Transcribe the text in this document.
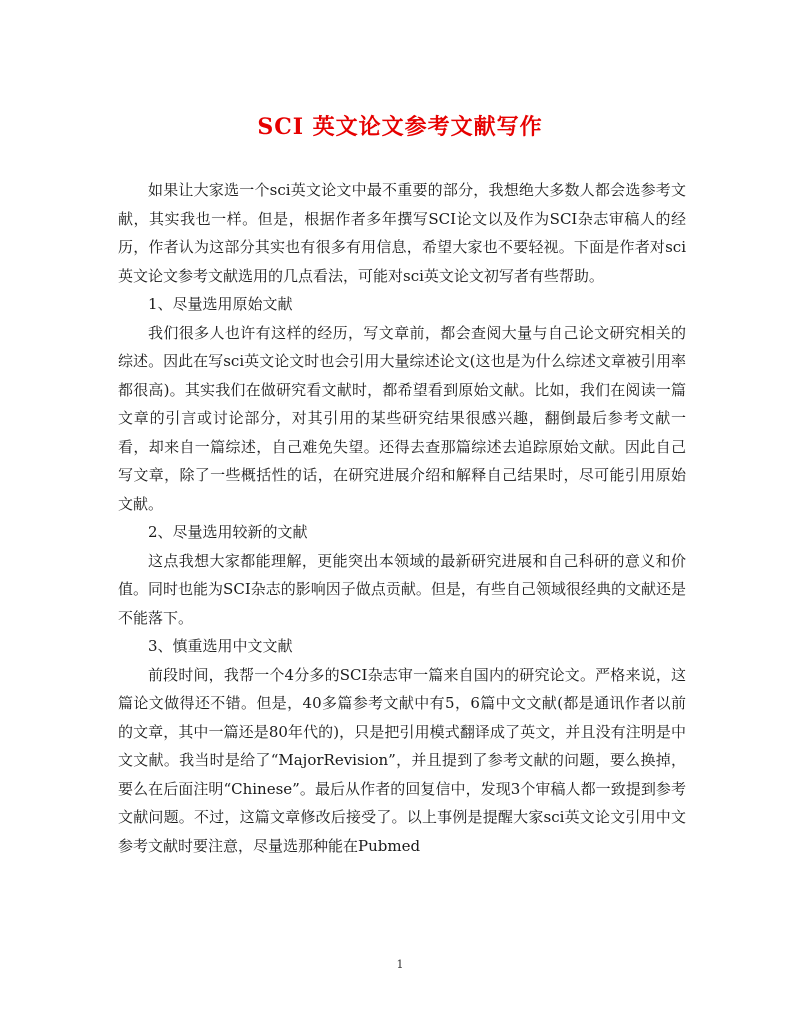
SCI 英文论文参考文献写作

如果让大家选一个sci英文论文中最不重要的部分，我想绝大多数人都会选参考文献，其实我也一样。但是，根据作者多年撰写SCI论文以及作为SCI杂志审稿人的经历，作者认为这部分其实也有很多有用信息，希望大家也不要轻视。下面是作者对sci英文论文参考文献选用的几点看法，可能对sci英文论文初写者有些帮助。

1、尽量选用原始文献

我们很多人也许有这样的经历，写文章前，都会查阅大量与自己论文研究相关的综述。因此在写sci英文论文时也会引用大量综述论文(这也是为什么综述文章被引用率都很高)。其实我们在做研究看文献时，都希望看到原始文献。比如，我们在阅读一篇文章的引言或讨论部分，对其引用的某些研究结果很感兴趣，翻倒最后参考文献一看，却来自一篇综述，自己难免失望。还得去查那篇综述去追踪原始文献。因此自己写文章，除了一些概括性的话，在研究进展介绍和解释自己结果时，尽可能引用原始文献。

2、尽量选用较新的文献

这点我想大家都能理解，更能突出本领域的最新研究进展和自己科研的意义和价值。同时也能为SCI杂志的影响因子做点贡献。但是，有些自己领域很经典的文献还是不能落下。

3、慎重选用中文文献

前段时间，我帮一个4分多的SCI杂志审一篇来自国内的研究论文。严格来说，这篇论文做得还不错。但是，40多篇参考文献中有5，6篇中文文献(都是通讯作者以前的文章，其中一篇还是80年代的)，只是把引用模式翻译成了英文，并且没有注明是中文文献。我当时是给了“MajorRevision”，并且提到了参考文献的问题，要么换掉，要么在后面注明“Chinese”。最后从作者的回复信中，发现3个审稿人都一致提到参考文献问题。不过，这篇文章修改后接受了。以上事例是提醒大家sci英文论文引用中文参考文献时要注意，尽量选那种能在Pubmed

1
